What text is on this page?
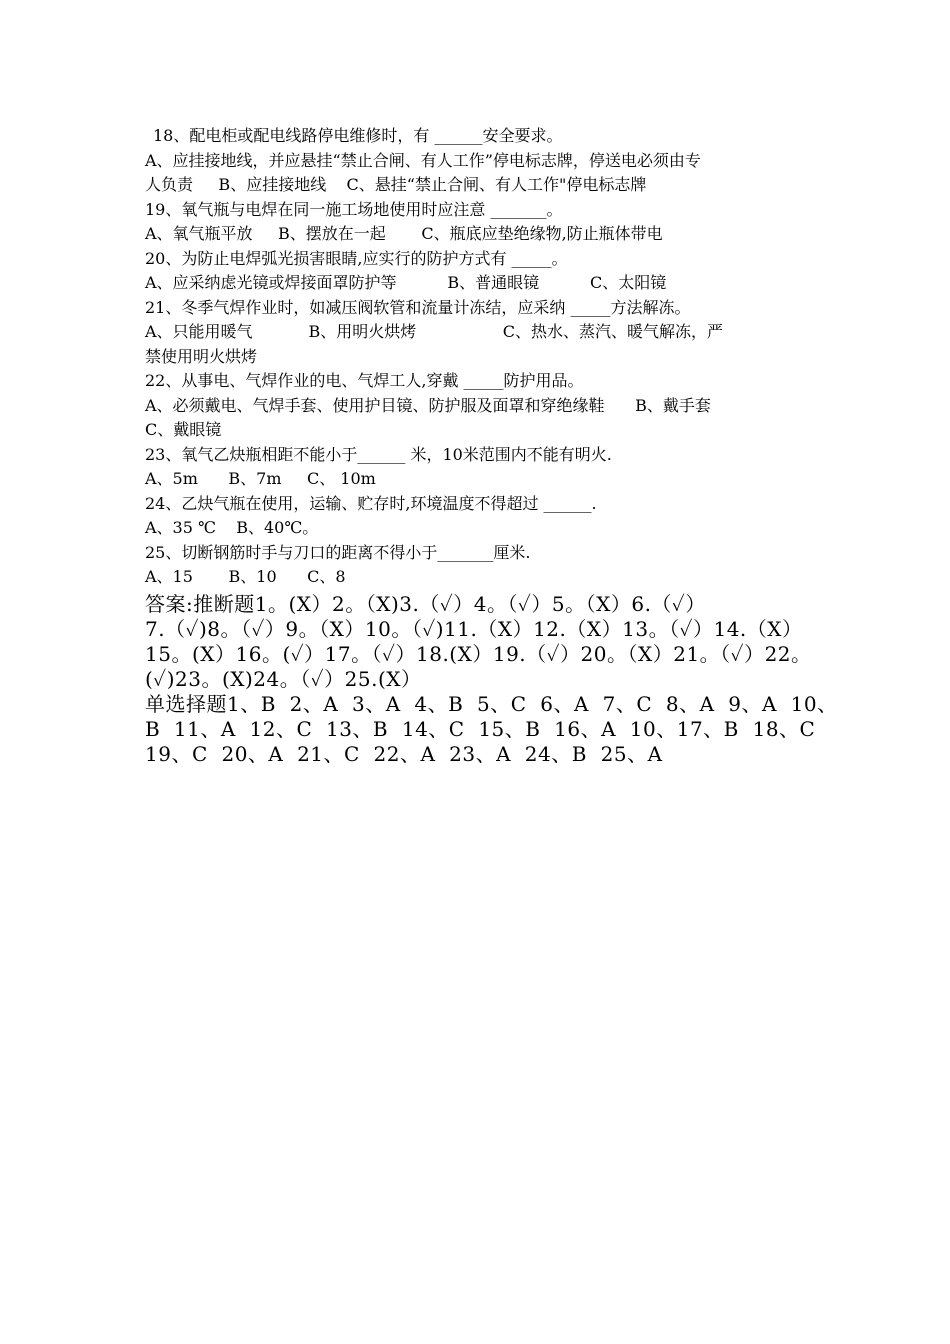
18、配电柜或配电线路停电维修时，有 ______安全要求。

A、应挂接地线，并应悬挂“禁止合闸、有人工作”停电标志牌，停送电必须由专

人负责     B、应挂接地线    C、悬挂“禁止合闸、有人工作"停电标志牌

19、氧气瓶与电焊在同一施工场地使用时应注意 _______。

A、氧气瓶平放     B、摆放在一起       C、瓶底应垫绝缘物,防止瓶体带电

20、为防止电焊弧光损害眼睛,应实行的防护方式有 _____。

A、应采纳虑光镜或焊接面罩防护等          B、普通眼镜          C、太阳镜

21、冬季气焊作业时，如减压阀软管和流量计冻结，应采纳 _____方法解冻。

A、只能用暖气           B、用明火烘烤                 C、热水、蒸汽、暖气解冻，严

禁使用明火烘烤

22、从事电、气焊作业的电、气焊工人,穿戴 _____防护用品。

A、必须戴电、气焊手套、使用护目镜、防护服及面罩和穿绝缘鞋      B、戴手套

C、戴眼镜

23、氧气乙炔瓶相距不能小于______ 米，10米范围内不能有明火.

A、5m      B、7m     C、 10m

24、乙炔气瓶在使用，运输、贮存时,环境温度不得超过 ______.

A、35 ℃    B、40℃。

25、切断钢筋时手与刀口的距离不得小于_______厘米.

A、15       B、10      C、8

答案:推断题1。(X）2。（X)3.（✓）4。（✓）5。（X）6.（✓）

7.（✓)8。（✓）9。（X）10。（✓)11.（X）12.（X）13。（✓）14.（X）15。(X）16。(✓）17。（✓）18.(X）19.（✓）20。（X）21。（✓）22。(✓)23。(X)24。（✓）25.(X）

单选择题1、B  2、A  3、A  4、B  5、C  6、A  7、C  8、A  9、A  10、B  11、A  12、C  13、B  14、C  15、B  16、A  10、17、B  18、C  19、C  20、A  21、C  22、A  23、A  24、B  25、A
